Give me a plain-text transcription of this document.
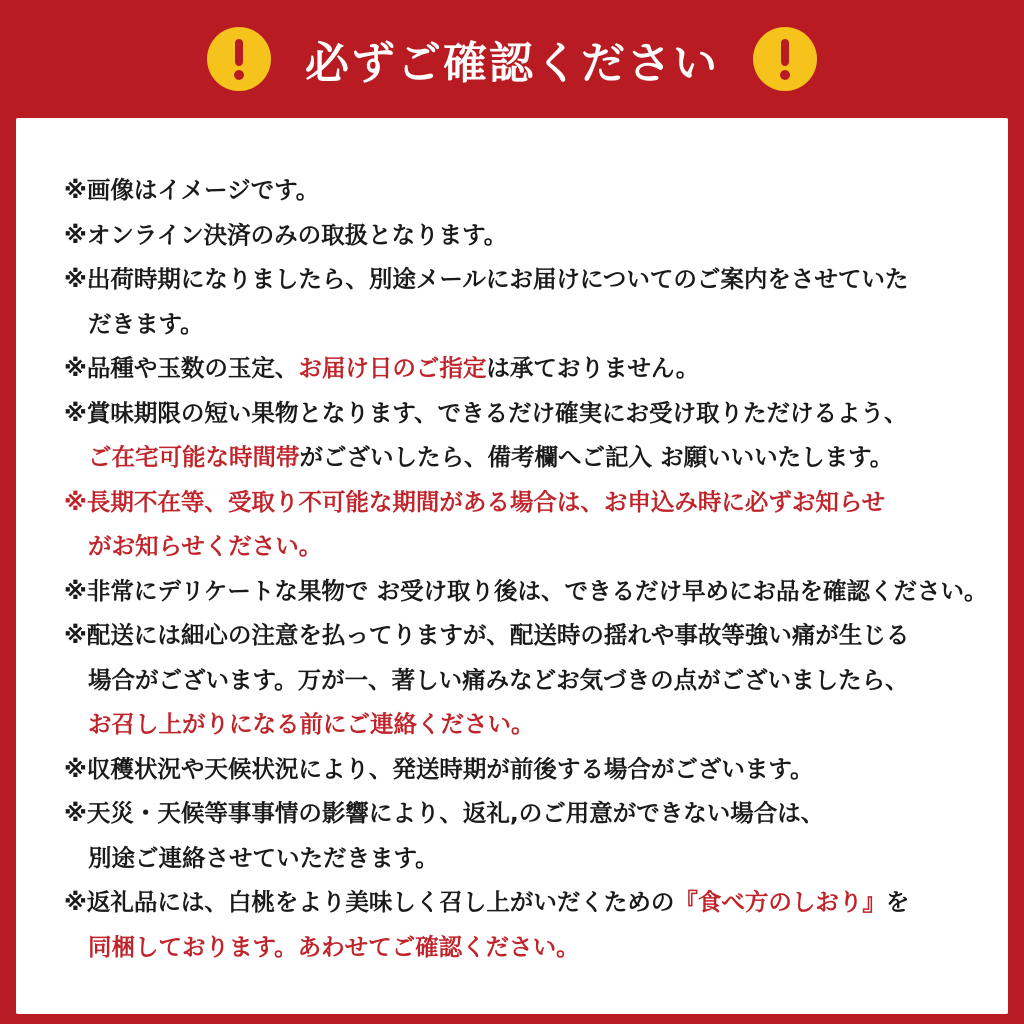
必ずご確認ください
※画像はイメージです。
※オンライン決済のみの取扱となります。
※出荷時期になりましたら、別途メールにお届けについてのご案内をさせていた
だきます。
※品種や玉数の玉定、お届け日のご指定は承ておりません。
※賞味期限の短い果物となります、できるだけ確実にお受け取りただけるよう、
ご在宅可能な時間帯がございしたら、備考欄へご記入 お願いいいたします。
※長期不在等、受取り不可能な期間がある場合は、お申込み時に必ずお知らせ
がお知らせください。
※非常にデリケートな果物で お受け取り後は、できるだけ早めにお品を確認ください。
※配送には細心の注意を払ってりますが、配送時の揺れや事故等強い痛が生じる
場合がございます。万が一、著しい痛みなどお気づきの点がございましたら、
お召し上がりになる前にご連絡ください。
※収穫状況や天候状況により、発送時期が前後する場合がございます。
※天災・天候等事事情の影響により、返礼,のご用意ができない場合は、
別途ご連絡させていただきます。
※返礼品には、白桃をより美味しく召し上がいだくための『食べ方のしおり』を
同梱しております。あわせてご確認ください。
